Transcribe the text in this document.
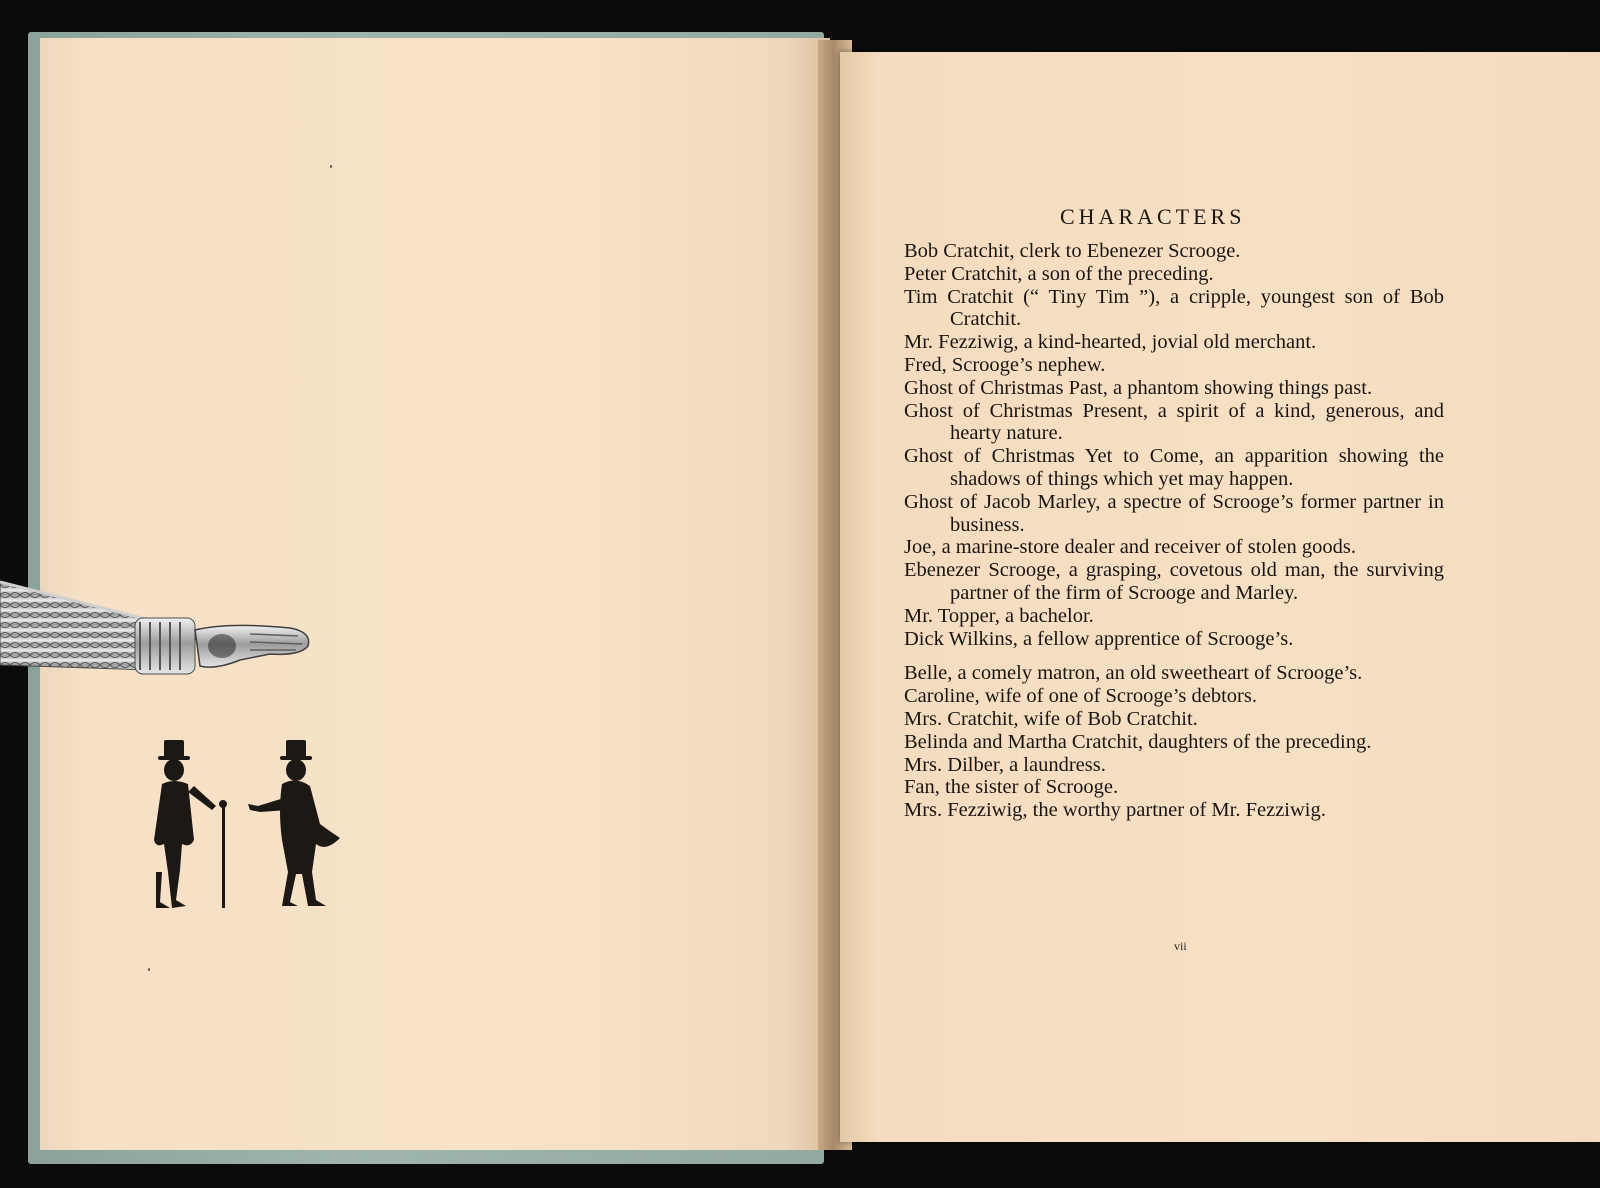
CHARACTERS
Bob Cratchit, clerk to Ebenezer Scrooge.
Peter Cratchit, a son of the preceding.
Tim Cratchit (“ Tiny Tim ”), a cripple, youngest son of Bob Cratchit.
Mr. Fezziwig, a kind-hearted, jovial old merchant.
Fred, Scrooge’s nephew.
Ghost of Christmas Past, a phantom showing things past.
Ghost of Christmas Present, a spirit of a kind, generous, and hearty nature.
Ghost of Christmas Yet to Come, an apparition showing the shadows of things which yet may happen.
Ghost of Jacob Marley, a spectre of Scrooge’s former partner in business.
Joe, a marine-store dealer and receiver of stolen goods.
Ebenezer Scrooge, a grasping, covetous old man, the surviving partner of the firm of Scrooge and Marley.
Mr. Topper, a bachelor.
Dick Wilkins, a fellow apprentice of Scrooge’s.
Belle, a comely matron, an old sweetheart of Scrooge’s.
Caroline, wife of one of Scrooge’s debtors.
Mrs. Cratchit, wife of Bob Cratchit.
Belinda and Martha Cratchit, daughters of the preceding.
Mrs. Dilber, a laundress.
Fan, the sister of Scrooge.
Mrs. Fezziwig, the worthy partner of Mr. Fezziwig.
vii
